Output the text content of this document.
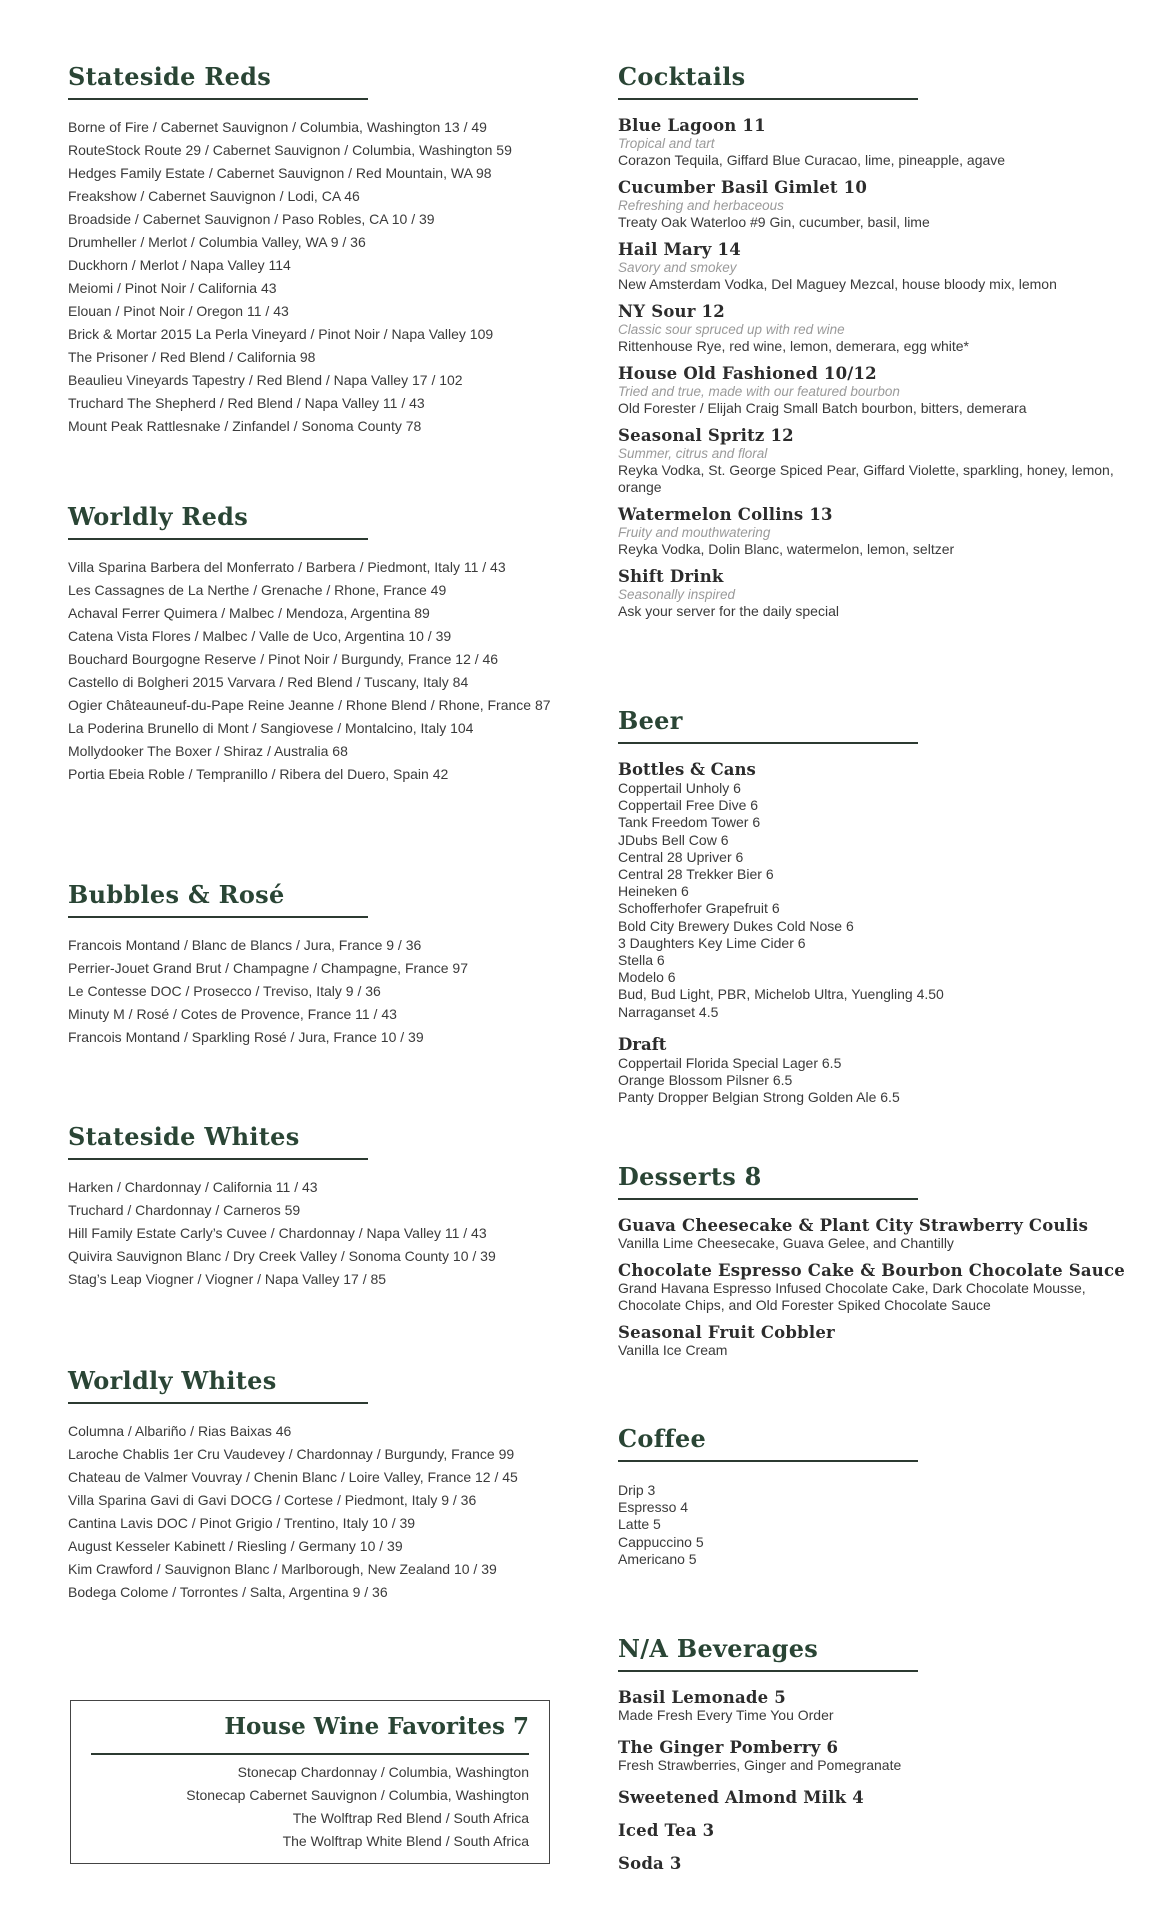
Stateside Reds
Borne of Fire / Cabernet Sauvignon / Columbia, Washington 13 / 49
RouteStock Route 29 / Cabernet Sauvignon / Columbia, Washington 59
Hedges Family Estate / Cabernet Sauvignon / Red Mountain, WA 98
Freakshow / Cabernet Sauvignon / Lodi, CA 46
Broadside / Cabernet Sauvignon / Paso Robles, CA 10 / 39
Drumheller / Merlot / Columbia Valley, WA 9 / 36
Duckhorn / Merlot / Napa Valley 114
Meiomi / Pinot Noir / California 43
Elouan / Pinot Noir / Oregon 11 / 43
Brick & Mortar 2015 La Perla Vineyard / Pinot Noir / Napa Valley 109
The Prisoner / Red Blend / California 98
Beaulieu Vineyards Tapestry / Red Blend / Napa Valley 17 / 102
Truchard The Shepherd / Red Blend / Napa Valley 11 / 43
Mount Peak Rattlesnake / Zinfandel / Sonoma County 78
Worldly Reds
Villa Sparina Barbera del Monferrato / Barbera / Piedmont, Italy 11 / 43
Les Cassagnes de La Nerthe / Grenache / Rhone, France 49
Achaval Ferrer Quimera / Malbec / Mendoza, Argentina 89
Catena Vista Flores / Malbec / Valle de Uco, Argentina 10 / 39
Bouchard Bourgogne Reserve / Pinot Noir / Burgundy, France 12 / 46
Castello di Bolgheri 2015 Varvara / Red Blend / Tuscany, Italy 84
Ogier Châteauneuf-du-Pape Reine Jeanne / Rhone Blend / Rhone, France 87
La Poderina Brunello di Mont / Sangiovese / Montalcino, Italy 104
Mollydooker The Boxer / Shiraz / Australia 68
Portia Ebeia Roble / Tempranillo / Ribera del Duero, Spain 42
Bubbles & Rosé
Francois Montand / Blanc de Blancs / Jura, France 9 / 36
Perrier-Jouet Grand Brut / Champagne / Champagne, France 97
Le Contesse DOC / Prosecco / Treviso, Italy 9 / 36
Minuty M / Rosé / Cotes de Provence, France 11 / 43
Francois Montand / Sparkling Rosé / Jura, France 10 / 39
Stateside Whites
Harken / Chardonnay / California 11 / 43
Truchard / Chardonnay / Carneros 59
Hill Family Estate Carly’s Cuvee / Chardonnay / Napa Valley 11 / 43
Quivira Sauvignon Blanc / Dry Creek Valley / Sonoma County 10 / 39
Stag’s Leap Viogner / Viogner / Napa Valley 17 / 85
Worldly Whites
Columna / Albariño / Rias Baixas 46
Laroche Chablis 1er Cru Vaudevey / Chardonnay / Burgundy, France 99
Chateau de Valmer Vouvray / Chenin Blanc / Loire Valley, France 12 / 45
Villa Sparina Gavi di Gavi DOCG / Cortese / Piedmont, Italy 9 / 36
Cantina Lavis DOC / Pinot Grigio / Trentino, Italy 10 / 39
August Kesseler Kabinett / Riesling / Germany 10 / 39
Kim Crawford / Sauvignon Blanc / Marlborough, New Zealand 10 / 39
Bodega Colome / Torrontes / Salta, Argentina 9 / 36
House Wine Favorites 7
Stonecap Chardonnay / Columbia, Washington
Stonecap Cabernet Sauvignon / Columbia, Washington
The Wolftrap Red Blend / South Africa
The Wolftrap White Blend / South Africa
Cocktails
Blue Lagoon 11
Tropical and tart
Corazon Tequila, Giffard Blue Curacao, lime, pineapple, agave
Cucumber Basil Gimlet 10
Refreshing and herbaceous
Treaty Oak Waterloo #9 Gin, cucumber, basil, lime
Hail Mary 14
Savory and smokey
New Amsterdam Vodka, Del Maguey Mezcal, house bloody mix, lemon
NY Sour 12
Classic sour spruced up with red wine
Rittenhouse Rye, red wine, lemon, demerara, egg white*
House Old Fashioned 10/12
Tried and true, made with our featured bourbon
Old Forester / Elijah Craig Small Batch bourbon, bitters, demerara
Seasonal Spritz 12
Summer, citrus and floral
Reyka Vodka, St. George Spiced Pear, Giffard Violette, sparkling, honey, lemon, orange
Watermelon Collins 13
Fruity and mouthwatering
Reyka Vodka, Dolin Blanc, watermelon, lemon, seltzer
Shift Drink
Seasonally inspired
Ask your server for the daily special
Beer
Bottles & Cans
Coppertail Unholy 6
Coppertail Free Dive 6
Tank Freedom Tower 6
JDubs Bell Cow 6
Central 28 Upriver 6
Central 28 Trekker Bier 6
Heineken 6
Schofferhofer Grapefruit 6
Bold City Brewery Dukes Cold Nose 6
3 Daughters Key Lime Cider 6
Stella 6
Modelo 6
Bud, Bud Light, PBR, Michelob Ultra, Yuengling 4.50
Narraganset 4.5
Draft
Coppertail Florida Special Lager 6.5
Orange Blossom Pilsner 6.5
Panty Dropper Belgian Strong Golden Ale 6.5
Desserts 8
Guava Cheesecake & Plant City Strawberry Coulis
Vanilla Lime Cheesecake, Guava Gelee, and Chantilly
Chocolate Espresso Cake & Bourbon Chocolate Sauce
Grand Havana Espresso Infused Chocolate Cake, Dark Chocolate Mousse, Chocolate Chips, and Old Forester Spiked Chocolate Sauce
Seasonal Fruit Cobbler
Vanilla Ice Cream
Coffee
Drip 3
Espresso 4
Latte 5
Cappuccino 5
Americano 5
N/A Beverages
Basil Lemonade 5
Made Fresh Every Time You Order
The Ginger Pomberry 6
Fresh Strawberries, Ginger and Pomegranate
Sweetened Almond Milk 4
Iced Tea 3
Soda 3
